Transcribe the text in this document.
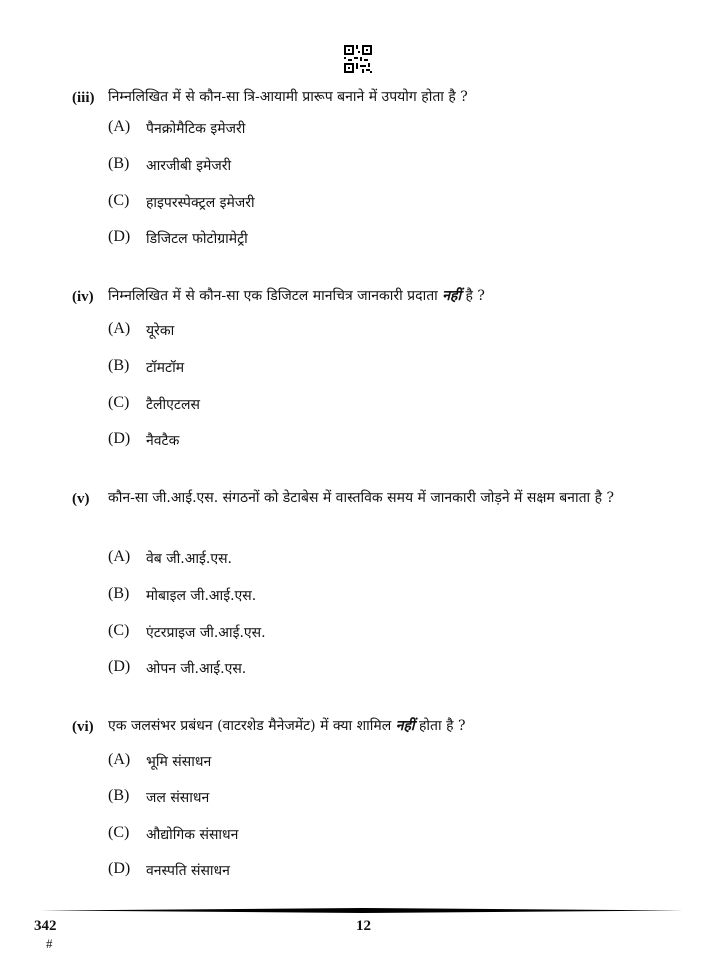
(iii) निम्नलिखित में से कौन-सा त्रि-आयामी प्रारूप बनाने में उपयोग होता है ?
(A) पैनक्रोमैटिक इमेजरी
(B) आरजीबी इमेजरी
(C) हाइपरस्पेक्ट्रल इमेजरी
(D) डिजिटल फोटोग्रामेट्री
(iv) निम्नलिखित में से कौन-सा एक डिजिटल मानचित्र जानकारी प्रदाता नहीं है ?
(A) यूरेका
(B) टॉमटॉम
(C) टैलीएटलस
(D) नैवटैक
(v) कौन-सा जी.आई.एस. संगठनों को डेटाबेस में वास्तविक समय में जानकारी जोड़ने में सक्षम बनाता है ?
(A) वेब जी.आई.एस.
(B) मोबाइल जी.आई.एस.
(C) एंटरप्राइज जी.आई.एस.
(D) ओपन जी.आई.एस.
(vi) एक जलसंभर प्रबंधन (वाटरशेड मैनेजमेंट) में क्या शामिल नहीं होता है ?
(A) भूमि संसाधन
(B) जल संसाधन
(C) औद्योगिक संसाधन
(D) वनस्पति संसाधन
342
#
12
